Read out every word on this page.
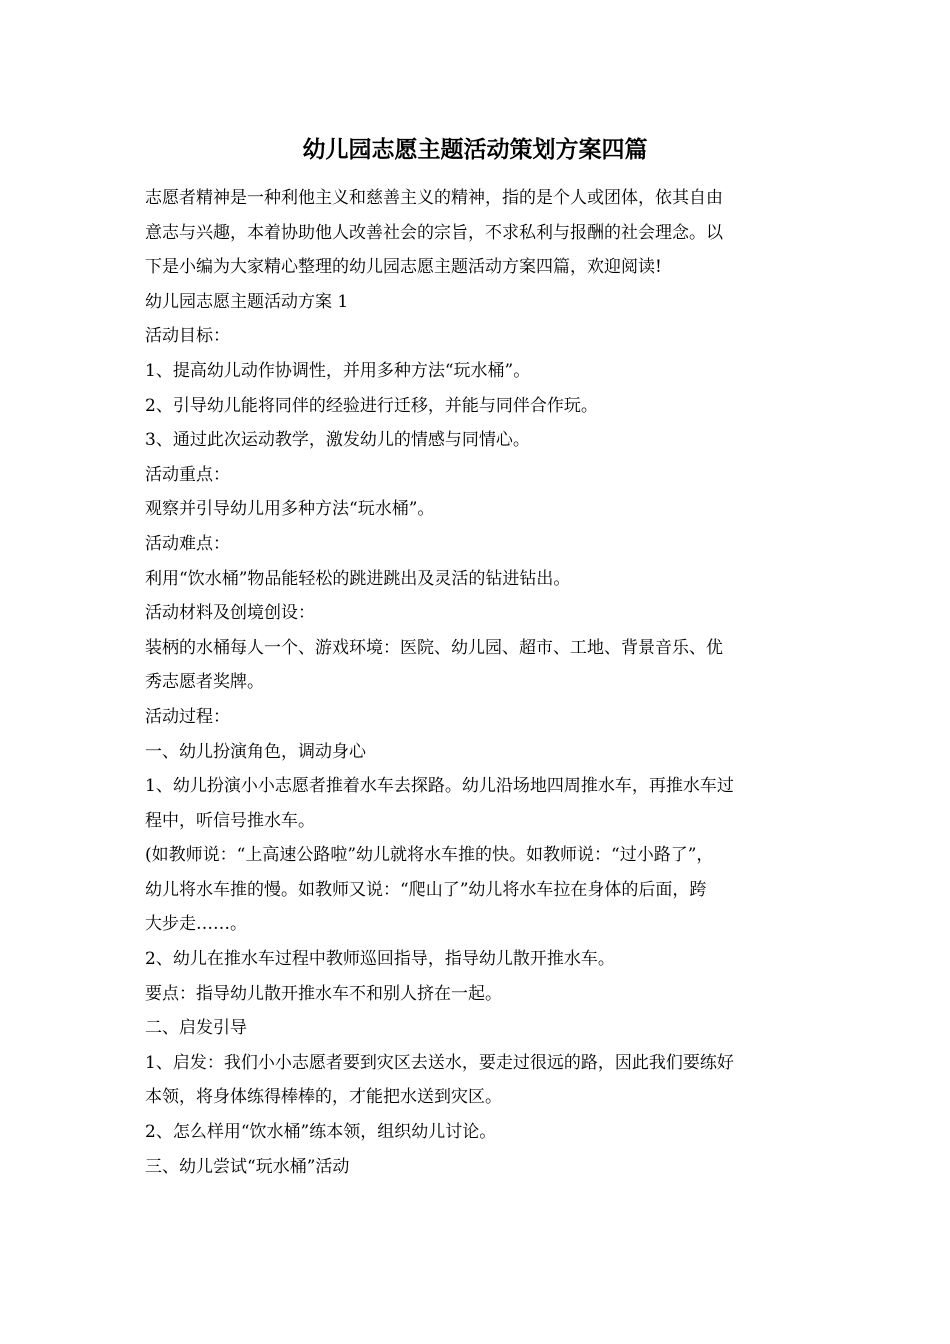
幼儿园志愿主题活动策划方案四篇

志愿者精神是一种利他主义和慈善主义的精神，指的是个人或团体，依其自由

意志与兴趣，本着协助他人改善社会的宗旨，不求私利与报酬的社会理念。以

下是小编为大家精心整理的幼儿园志愿主题活动方案四篇，欢迎阅读!

幼儿园志愿主题活动方案 1

活动目标：

1、提高幼儿动作协调性，并用多种方法“玩水桶”。

2、引导幼儿能将同伴的经验进行迁移，并能与同伴合作玩。

3、通过此次运动教学，激发幼儿的情感与同情心。

活动重点：

观察并引导幼儿用多种方法“玩水桶”。

活动难点：

利用“饮水桶”物品能轻松的跳进跳出及灵活的钻进钻出。

活动材料及创境创设：

装柄的水桶每人一个、游戏环境：医院、幼儿园、超市、工地、背景音乐、优

秀志愿者奖牌。

活动过程：

一、幼儿扮演角色，调动身心

1、幼儿扮演小小志愿者推着水车去探路。幼儿沿场地四周推水车，再推水车过

程中，听信号推水车。

(如教师说：“上高速公路啦”幼儿就将水车推的快。如教师说：“过小路了”，

幼儿将水车推的慢。如教师又说：“爬山了”幼儿将水车拉在身体的后面，跨

大步走……。

2、幼儿在推水车过程中教师巡回指导，指导幼儿散开推水车。

要点：指导幼儿散开推水车不和别人挤在一起。

二、启发引导

1、启发：我们小小志愿者要到灾区去送水，要走过很远的路，因此我们要练好

本领，将身体练得棒棒的，才能把水送到灾区。

2、怎么样用“饮水桶”练本领，组织幼儿讨论。

三、幼儿尝试“玩水桶”活动
